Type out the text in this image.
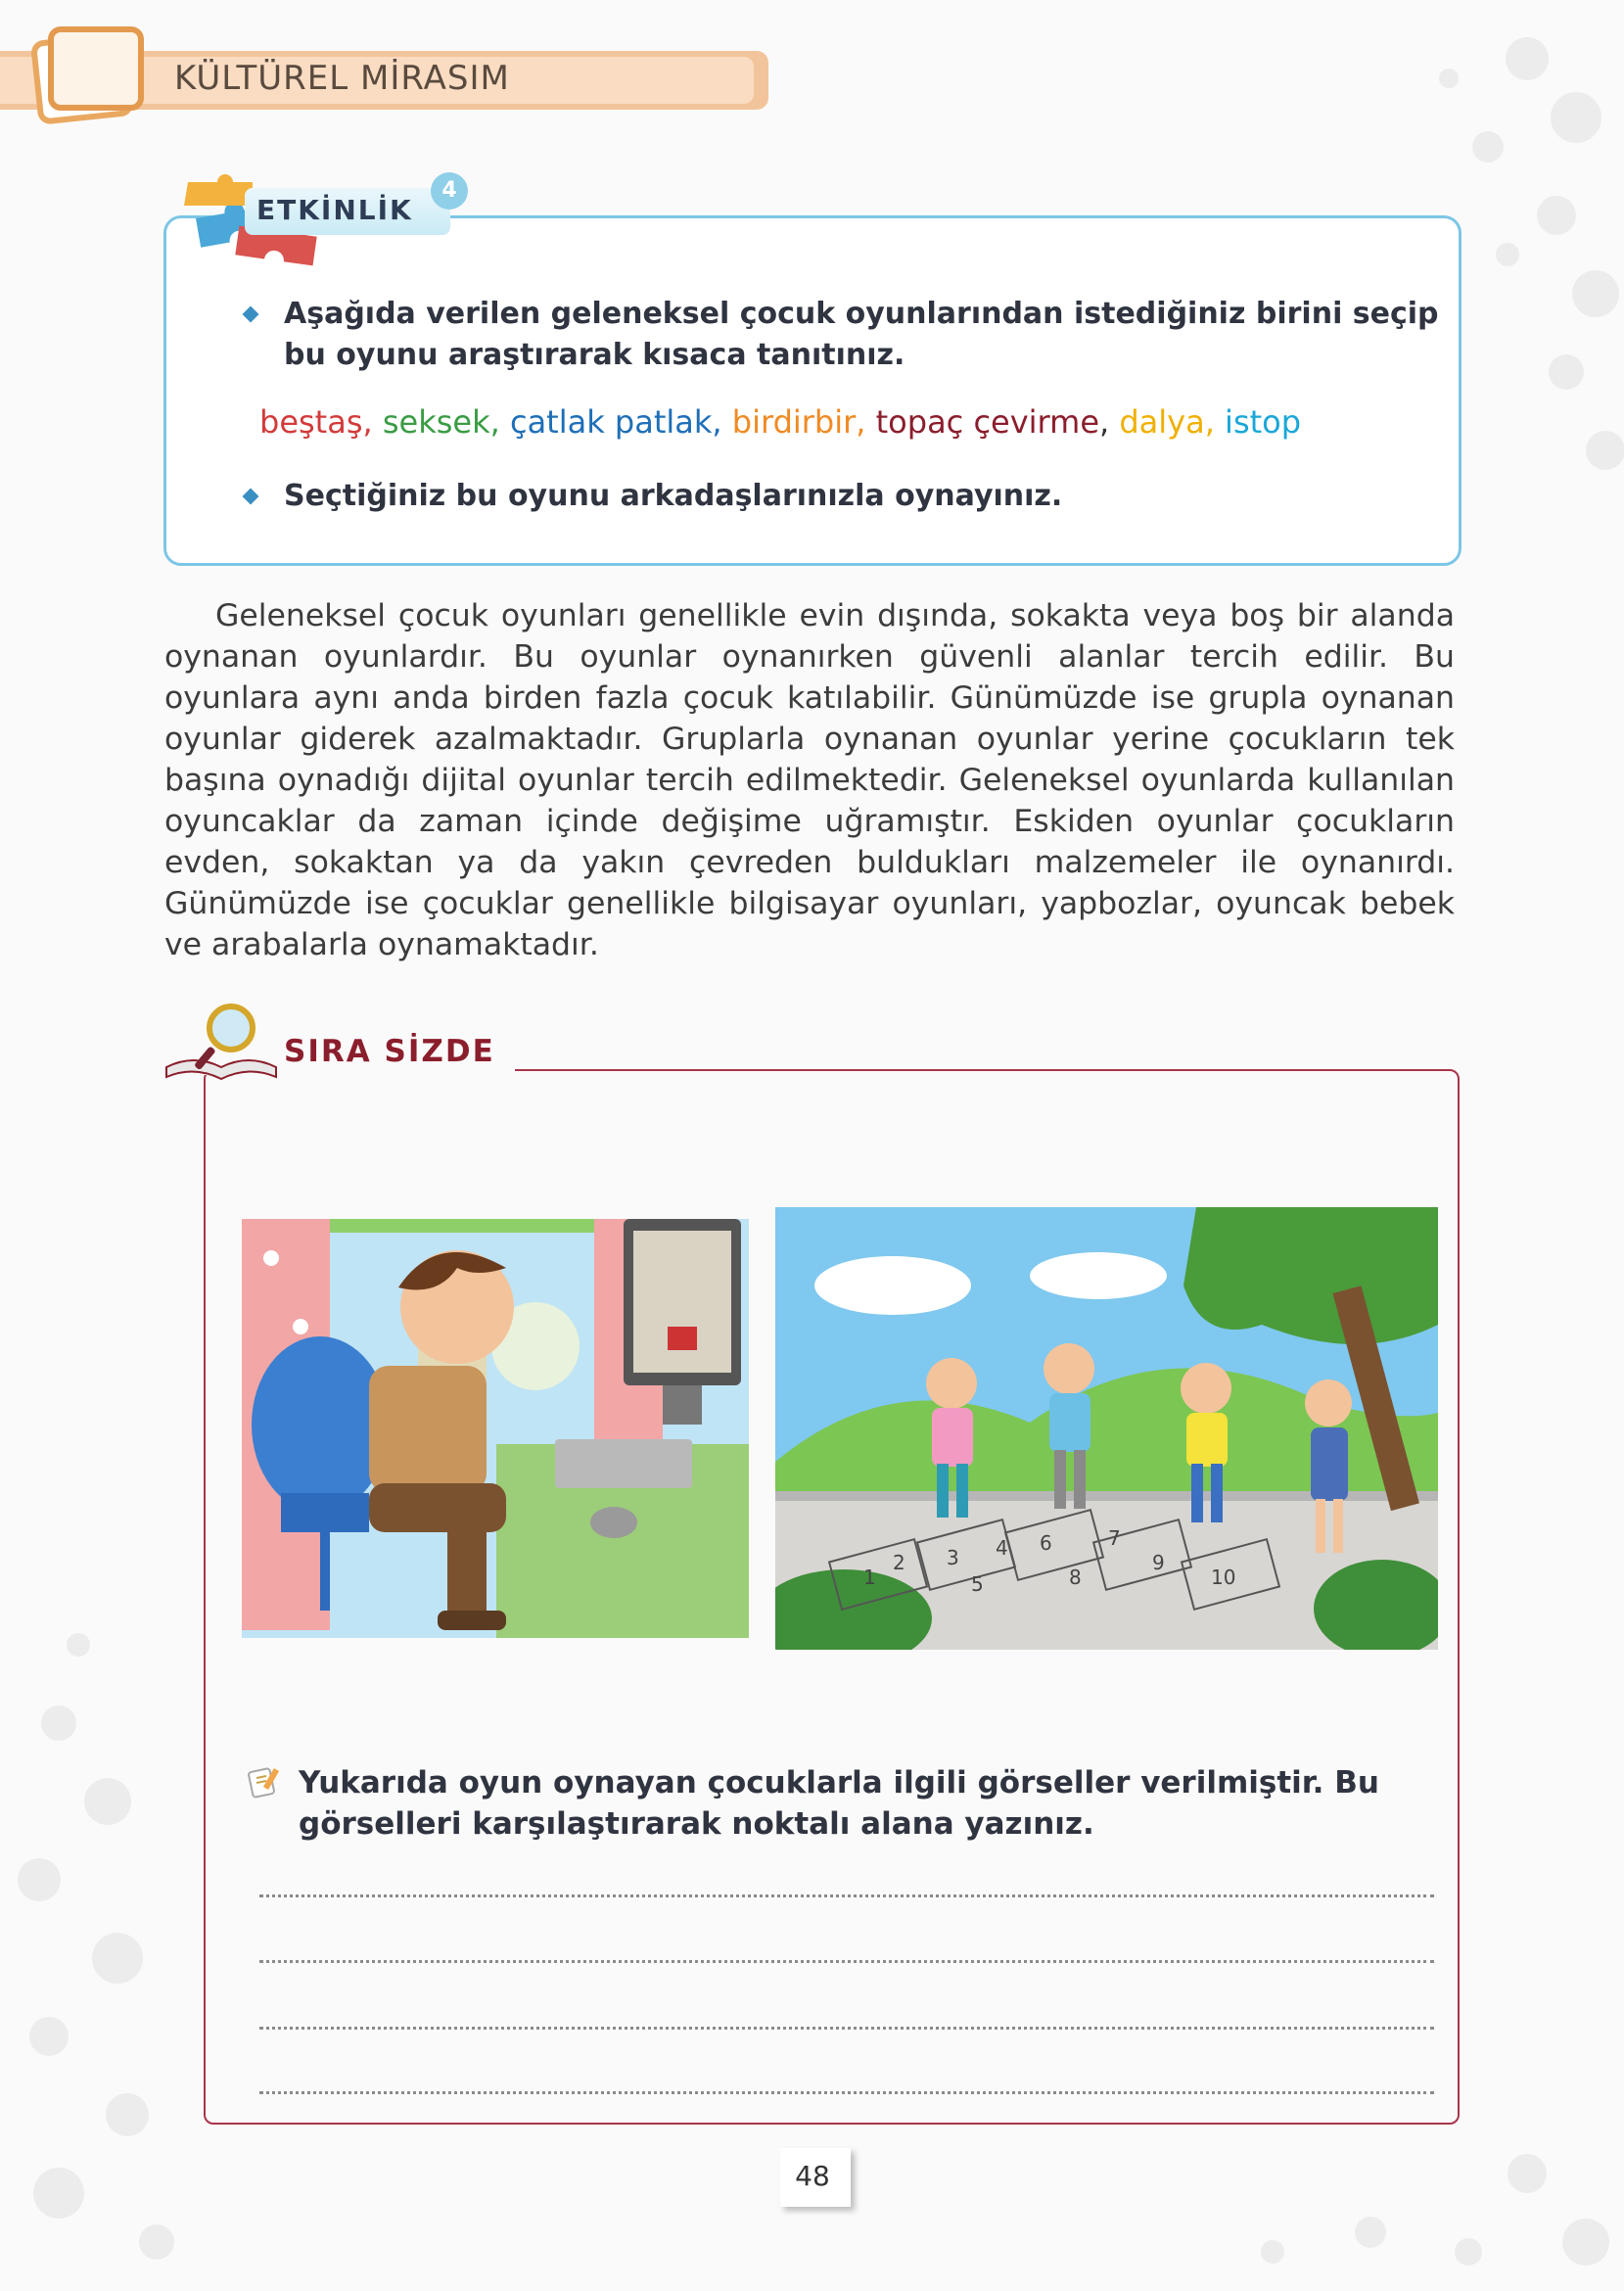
KÜLTÜREL MİRASIM
ETKİNLİK
4
Aşağıda verilen geleneksel çocuk oyunlarından istediğiniz birini seçip bu oyunu araştırarak kısaca tanıtınız.
beştaş, seksek, çatlak patlak, birdirbir, topaç çevirme, dalya, istop
Seçtiğiniz bu oyunu arkadaşlarınızla oynayınız.
Geleneksel çocuk oyunları genellikle evin dışında, sokakta veya boş bir alanda oynanan oyunlardır. Bu oyunlar oynanırken güvenli alanlar tercih edilir. Bu oyunlara aynı anda birden fazla çocuk katılabilir. Günümüzde ise grupla oynanan oyunlar giderek azalmaktadır. Gruplarla oynanan oyunlar yerine çocukların tek başına oynadığı dijital oyunlar tercih edilmektedir. Geleneksel oyunlarda kullanılan oyuncaklar da zaman içinde değişime uğramıştır. Eskiden oyunlar çocukların evden, sokaktan ya da yakın çevreden buldukları malzemeler ile oynanırdı. Günümüzde ise çocuklar genellikle bilgisayar oyunları, yapbozlar, oyuncak bebek ve arabalarla oynamaktadır.
SIRA SİZDE
1
2 3 4
5
6	7
8
9
10
Yukarıda oyun oynayan çocuklarla ilgili görseller verilmiştir. Bu görselleri karşılaştırarak noktalı alana yazınız.
48
